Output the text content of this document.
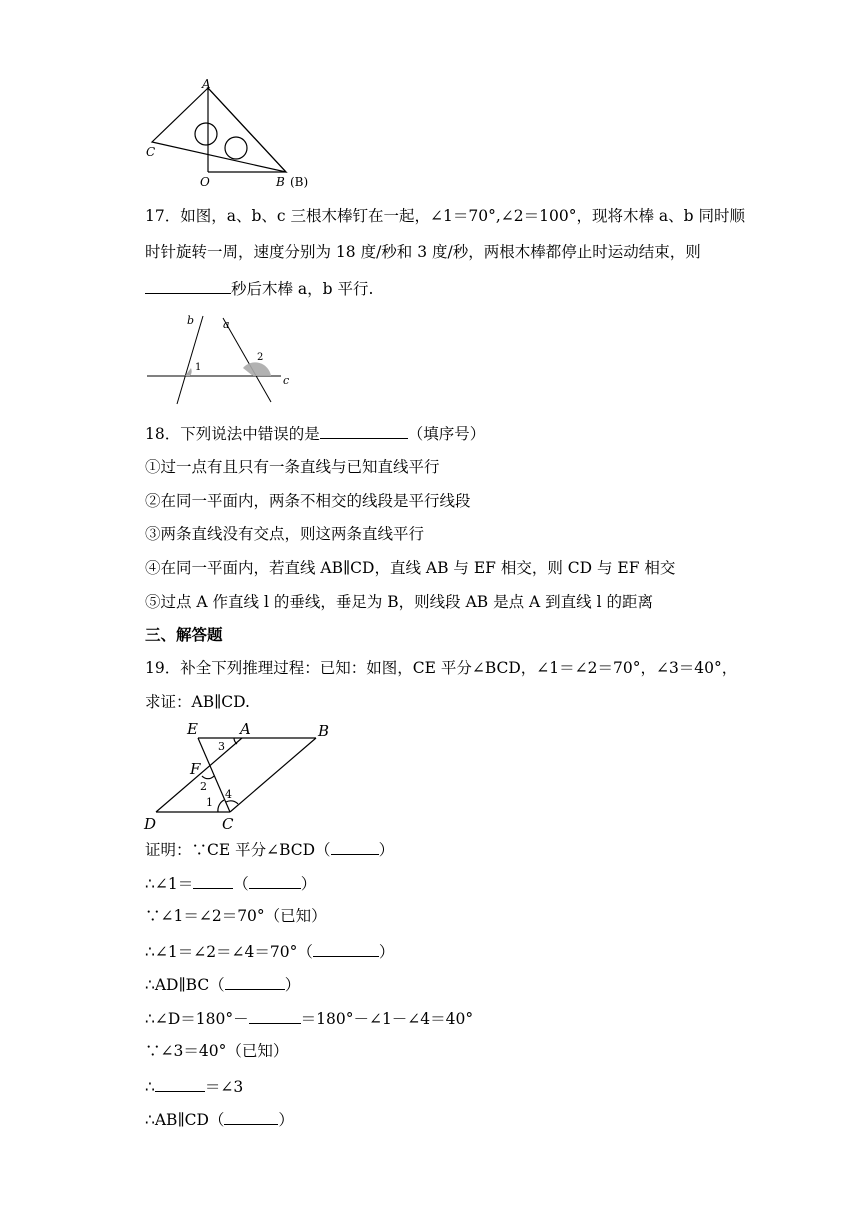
A
C
O	B (B)
17．如图，a、b、c 三根木棒钉在一起，∠1＝70°,∠2＝100°，现将木棒 a、b 同时顺
时针旋转一周，速度分别为 18 度/秒和 3 度/秒，两根木棒都停止时运动结束，则
秒后木棒 a，b 平行.
b	a
1
2
c
18．下列说法中错误的是	（填序号）
①过一点有且只有一条直线与已知直线平行
②在同一平面内，两条不相交的线段是平行线段
③两条直线没有交点，则这两条直线平行
④在同一平面内，若直线 AB∥CD，直线 AB 与 EF 相交，则 CD 与 EF 相交
⑤过点 A 作直线 l 的垂线，垂足为 B，则线段 AB 是点 A 到直线 l 的距离
三、解答题
19．补全下列推理过程：已知：如图，CE 平分∠BCD，∠1＝∠2＝70°，∠3＝40°，
求证：AB∥CD.
E	A	B
F
D	C
3
2
1
4
证明：∵CE 平分∠BCD（	）
∴∠1＝	（	）
∵∠1＝∠2＝70°（已知）
∴∠1＝∠2＝∠4＝70°（	）
∴AD∥BC（	）
∴∠D＝180°－	＝180°－∠1－∠4＝40°
∵∠3＝40°（已知）
∴	＝∠3
∴AB∥CD（	）
